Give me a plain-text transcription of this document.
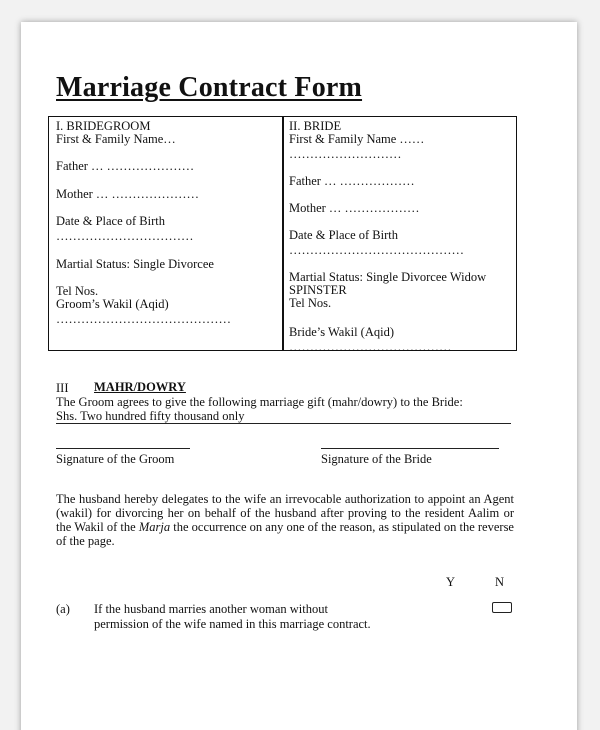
Marriage Contract Form
I. BRIDEGROOM
First & Family Name…
Father … …………………
Mother … …………………
Date & Place of Birth
……………………………
Martial Status: Single Divorcee
Tel Nos.
Groom’s Wakil (Aqid)
……………………………………
II. BRIDE
First & Family Name ……
………………………
Father … ………………
Mother … ………………
Date & Place of Birth
……………………………………
Martial Status: Single Divorcee Widow
SPINSTER
Tel Nos.
Bride’s Wakil (Aqid)
…………………………………
III MAHR/DOWRY
The Groom agrees to give the following marriage gift (mahr/dowry) to the Bride:
Shs. Two hundred fifty thousand only
Signature of the Groom	Signature of the Bride
The husband hereby delegates to the wife an irrevocable authorization to appoint an Agent (wakil) for divorcing her on behalf of the husband after proving to the resident Aalim or the Wakil of the Marja the occurrence on any one of the reason, as stipulated on the reverse of the page.
Y	N
(a) If the husband marries another woman without
permission of the wife named in this marriage contract.
